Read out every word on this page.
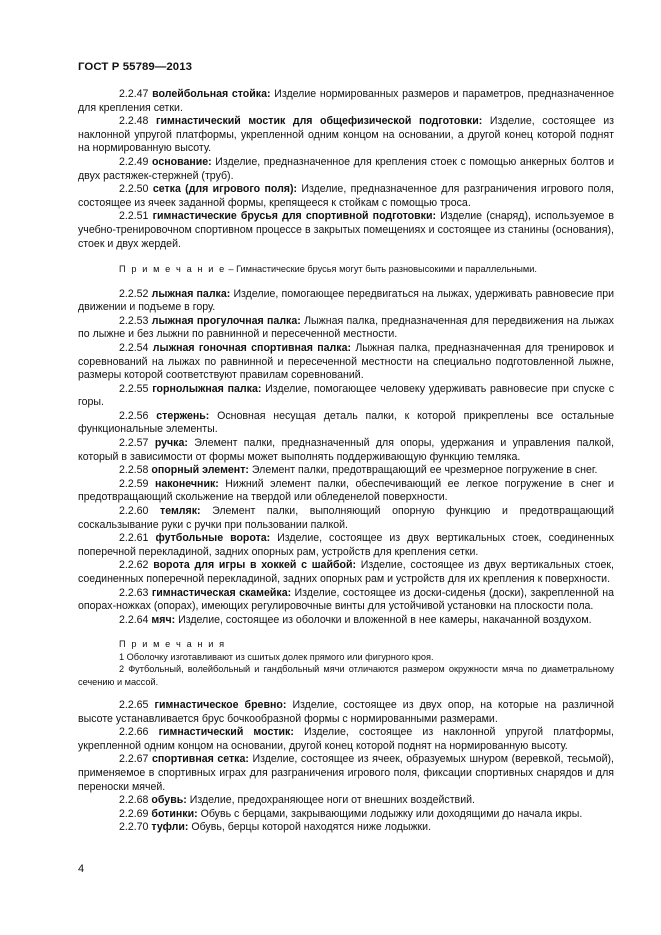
ГОСТ Р 55789—2013

2.2.47 волейбольная стойка: Изделие нормированных размеров и параметров, предназначенное для крепления сетки.

2.2.48 гимнастический мостик для общефизической подготовки: Изделие, состоящее из наклонной упругой платформы, укрепленной одним концом на основании, а другой конец которой поднят на нормированную высоту.

2.2.49 основание: Изделие, предназначенное для крепления стоек с помощью анкерных болтов и двух растяжек-стержней (труб).

2.2.50 сетка (для игрового поля): Изделие, предназначенное для разграничения игрового поля, состоящее из ячеек заданной формы, крепящееся к стойкам с помощью троса.

2.2.51 гимнастические брусья для спортивной подготовки: Изделие (снаряд), используемое в учебно-тренировочном спортивном процессе в закрытых помещениях и состоящее из станины (основания), стоек и двух жердей.

П р и м е ч а н и е – Гимнастические брусья могут быть разновысокими и параллельными.

2.2.52 лыжная палка: Изделие, помогающее передвигаться на лыжах, удерживать равновесие при движении и подъеме в гору.

2.2.53 лыжная прогулочная палка: Лыжная палка, предназначенная для передвижения на лыжах по лыжне и без лыжни по равнинной и пересеченной местности.

2.2.54 лыжная гоночная спортивная палка: Лыжная палка, предназначенная для тренировок и соревнований на лыжах по равнинной и пересеченной местности на специально подготовленной лыжне, размеры которой соответствуют правилам соревнований.

2.2.55 горнолыжная палка: Изделие, помогающее человеку удерживать равновесие при спуске с горы.

2.2.56 стержень: Основная несущая деталь палки, к которой прикреплены все остальные функциональные элементы.

2.2.57 ручка: Элемент палки, предназначенный для опоры, удержания и управления палкой, который в зависимости от формы может выполнять поддерживающую функцию темляка.

2.2.58 опорный элемент: Элемент палки, предотвращающий ее чрезмерное погружение в снег.

2.2.59 наконечник: Нижний элемент палки, обеспечивающий ее легкое погружение в снег и предотвращающий скольжение на твердой или обледенелой поверхности.

2.2.60 темляк: Элемент палки, выполняющий опорную функцию и предотвращающий соскальзывание руки с ручки при пользовании палкой.

2.2.61 футбольные ворота: Изделие, состоящее из двух вертикальных стоек, соединенных поперечной перекладиной, задних опорных рам, устройств для крепления сетки.

2.2.62 ворота для игры в хоккей с шайбой: Изделие, состоящее из двух вертикальных стоек, соединенных поперечной перекладиной, задних опорных рам и устройств для их крепления к поверхности.

2.2.63 гимнастическая скамейка: Изделие, состоящее из доски-сиденья (доски), закрепленной на опорах-ножках (опорах), имеющих регулировочные винты для устойчивой установки на плоскости пола.

2.2.64 мяч: Изделие, состоящее из оболочки и вложенной в нее камеры, накачанной воздухом.

П р и м е ч а н и я

1 Оболочку изготавливают из сшитых долек прямого или фигурного кроя.

2 Футбольный, волейбольный и гандбольный мячи отличаются размером окружности мяча по диаметральному сечению и массой.

2.2.65 гимнастическое бревно: Изделие, состоящее из двух опор, на которые на различной высоте устанавливается брус бочкообразной формы с нормированными размерами.

2.2.66 гимнастический мостик: Изделие, состоящее из наклонной упругой платформы, укрепленной одним концом на основании, другой конец которой поднят на нормированную высоту.

2.2.67 спортивная сетка: Изделие, состоящее из ячеек, образуемых шнуром (веревкой, тесьмой), применяемое в спортивных играх для разграничения игрового поля, фиксации спортивных снарядов и для переноски мячей.

2.2.68 обувь: Изделие, предохраняющее ноги от внешних воздействий.

2.2.69 ботинки: Обувь с берцами, закрывающими лодыжку или доходящими до начала икры.

2.2.70 туфли: Обувь, берцы которой находятся ниже лодыжки.

4
